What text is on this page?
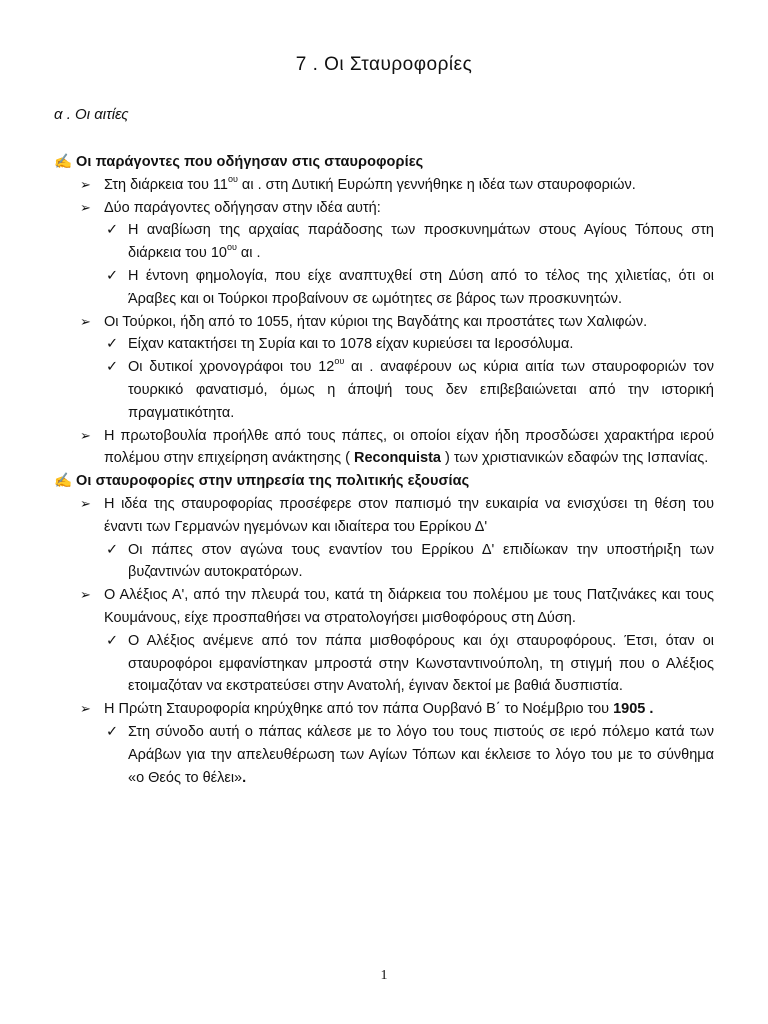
7 . Οι Σταυροφορίες
α . Οι αιτίες
✍ Οι παράγοντες που οδήγησαν στις σταυροφορίες
➢ Στη διάρκεια του $11^{o\upsilon}$ αι . στη Δυτική Ευρώπη γεννήθηκε η ιδέα των σταυροφοριών.
➢ Δύο παράγοντες οδήγησαν στην ιδέα αυτή:
✓ Η αναβίωση της αρχαίας παράδοσης των προσκυνημάτων στους Αγίους Τόπους στη διάρκεια του $10^{o\upsilon}$ αι .
✓ Η έντονη φημολογία, που είχε αναπτυχθεί στη Δύση από το τέλος της χιλιετίας, ότι οι Άραβες και οι Τούρκοι προβαίνουν σε ωμότητες σε βάρος των προσκυνητών.
➢ Οι Τούρκοι, ήδη από το 1055, ήταν κύριοι της Βαγδάτης και προστάτες των Χαλιφών.
✓ Είχαν κατακτήσει τη Συρία και το 1078 είχαν κυριεύσει τα Ιεροσόλυμα.
✓ Οι δυτικοί χρονογράφοι του $12^{o\upsilon}$ αι . αναφέρουν ως κύρια αιτία των σταυροφοριών τον τουρκικό φανατισμό, όμως η άποψή τους δεν επιβεβαιώνεται από την ιστορική πραγματικότητα.
➢ Η πρωτοβουλία προήλθε από τους πάπες, οι οποίοι είχαν ήδη προσδώσει χαρακτήρα ιερού πολέμου στην επιχείρηση ανάκτησης ( Reconquista ) των χριστιανικών εδαφών της Ισπανίας.
✍ Οι σταυροφορίες στην υπηρεσία της πολιτικής εξουσίας
➢ Η ιδέα της σταυροφορίας προσέφερε στον παπισμό την ευκαιρία να ενισχύσει τη θέση του έναντι των Γερμανών ηγεμόνων και ιδιαίτερα του Ερρίκου Δ'
✓ Οι πάπες στον αγώνα τους εναντίον του Ερρίκου Δ' επιδίωκαν την υποστήριξη των βυζαντινών αυτοκρατόρων.
➢ Ο Αλέξιος Α', από την πλευρά του, κατά τη διάρκεια του πολέμου με τους Πατζινάκες και τους Κουμάνους, είχε προσπαθήσει να στρατολογήσει μισθοφόρους στη Δύση.
✓ Ο Αλέξιος ανέμενε από τον πάπα μισθοφόρους και όχι σταυροφόρους. Έτσι, όταν οι σταυροφόροι εμφανίστηκαν μπροστά στην Κωνσταντινούπολη, τη στιγμή που ο Αλέξιος ετοιμαζόταν να εκστρατεύσει στην Ανατολή, έγιναν δεκτοί με βαθιά δυσπιστία.
➢ Η Πρώτη Σταυροφορία κηρύχθηκε από τον πάπα Ουρβανό Β΄ το Νοέμβριο του 1905 .
✓ Στη σύνοδο αυτή ο πάπας κάλεσε με το λόγο του τους πιστούς σε ιερό πόλεμο κατά των Αράβων για την απελευθέρωση των Αγίων Τόπων και έκλεισε το λόγο του με το σύνθημα «ο Θεός το θέλει».
1
